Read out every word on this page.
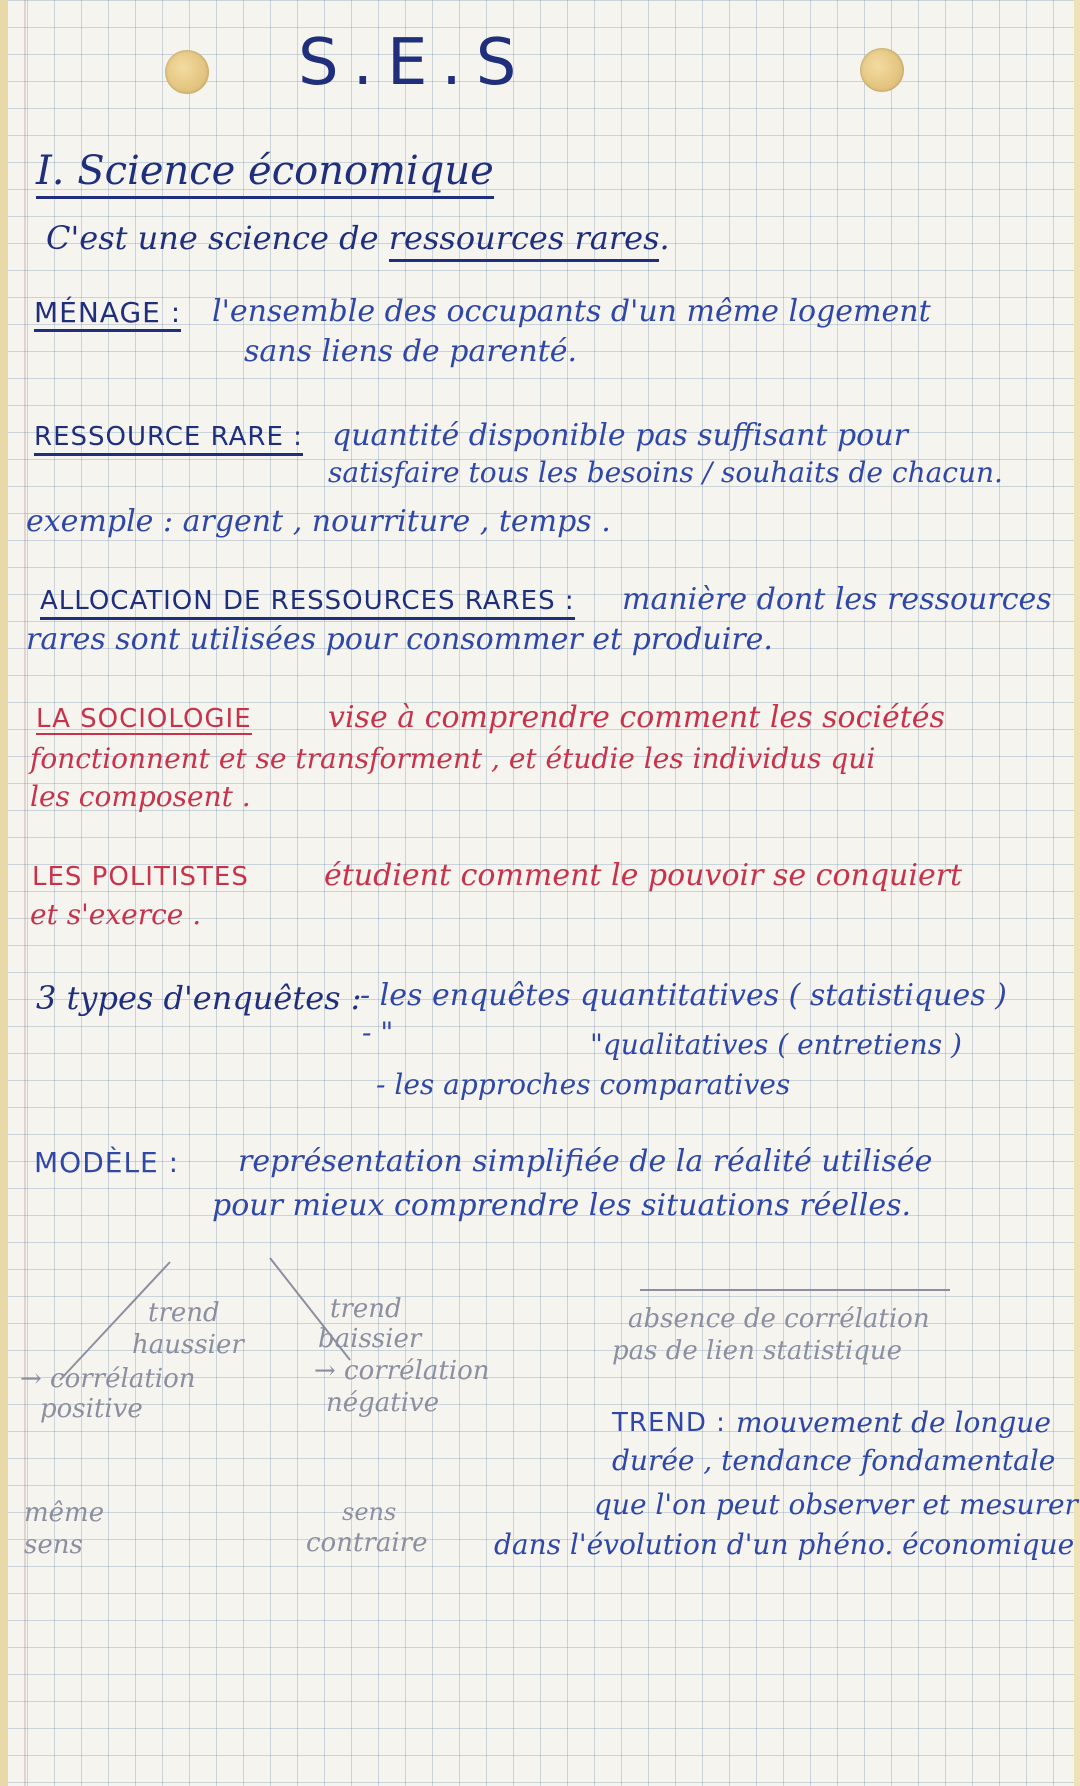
S.E.S
I. Science économique
C'est une science de ressources rares.
MÉNAGE : l'ensemble des occupants d'un même logement
sans liens de parenté.
RESSOURCE RARE : quantité disponible pas suffisant pour
satisfaire tous les besoins / souhaits de chacun.
exemple : argent , nourriture , temps .
ALLOCATION DE RESSOURCES RARES : manière dont les ressources
rares sont utilisées pour consommer et produire.
LA SOCIOLOGIE	vise à comprendre comment les sociétés
fonctionnent et se transforment , et étudie les individus qui
les composent .
LES POLITISTES	étudient comment le pouvoir se conquiert
et s'exerce .
3 types d'enquêtes :
- les enquêtes quantitatives ( statistiques )
- "	"qualitatives ( entretiens )
- les approches comparatives
MODÈLE : représentation simplifiée de la réalité utilisée
pour mieux comprendre les situations réelles.
trend
haussier
→ corrélation
positive
même
sens
trend
baissier
→ corrélation
négative
sens
contraire
absence de corrélation
pas de lien statistique
TREND : mouvement de longue
durée , tendance fondamentale
que l'on peut observer et mesurer
dans l'évolution d'un phéno. économique
